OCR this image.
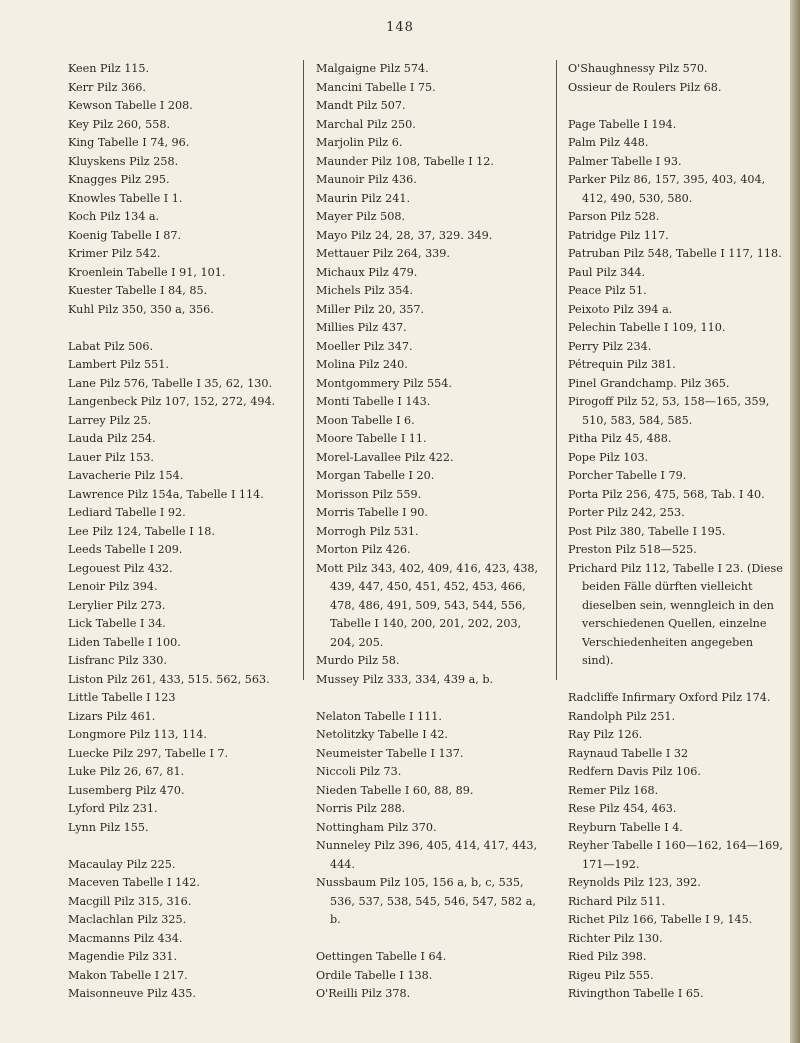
148
Keen Pilz 115.
Kerr Pilz 366.
Kewson Tabelle I 208.
Key Pilz 260, 558.
King Tabelle I 74, 96.
Kluyskens Pilz 258.
Knagges Pilz 295.
Knowles Tabelle I 1.
Koch Pilz 134 a.
Koenig Tabelle I 87.
Krimer Pilz 542.
Kroenlein Tabelle I 91, 101.
Kuester Tabelle I 84, 85.
Kuhl Pilz 350, 350 a, 356.
Labat Pilz 506.
Lambert Pilz 551.
Lane Pilz 576, Tabelle I 35, 62, 130.
Langenbeck Pilz 107, 152, 272, 494.
Larrey Pilz 25.
Lauda Pilz 254.
Lauer Pilz 153.
Lavacherie Pilz 154.
Lawrence Pilz 154a, Tabelle I 114.
Lediard Tabelle I 92.
Lee Pilz 124, Tabelle I 18.
Leeds Tabelle I 209.
Legouest Pilz 432.
Lenoir Pilz 394.
Lerylier Pilz 273.
Lick Tabelle I 34.
Liden Tabelle I 100.
Lisfranc Pilz 330.
Liston Pilz 261, 433, 515. 562, 563.
Little Tabelle I 123
Lizars Pilz 461.
Longmore Pilz 113, 114.
Luecke Pilz 297, Tabelle I 7.
Luke Pilz 26, 67, 81.
Lusemberg Pilz 470.
Lyford Pilz 231.
Lynn Pilz 155.
Macaulay Pilz 225.
Maceven Tabelle I 142.
Macgill Pilz 315, 316.
Maclachlan Pilz 325.
Macmanns Pilz 434.
Magendie Pilz 331.
Makon Tabelle I 217.
Maisonneuve Pilz 435.
Malgaigne Pilz 574.
Mancini Tabelle I 75.
Mandt Pilz 507.
Marchal Pilz 250.
Marjolin Pilz 6.
Maunder Pilz 108, Tabelle I 12.
Maunoir Pilz 436.
Maurin Pilz 241.
Mayer Pilz 508.
Mayo Pilz 24, 28, 37, 329. 349.
Mettauer Pilz 264, 339.
Michaux Pilz 479.
Michels Pilz 354.
Miller Pilz 20, 357.
Millies Pilz 437.
Moeller Pilz 347.
Molina Pilz 240.
Montgommery Pilz 554.
Monti Tabelle I 143.
Moon Tabelle I 6.
Moore Tabelle I 11.
Morel-Lavallee Pilz 422.
Morgan Tabelle I 20.
Morisson Pilz 559.
Morris Tabelle I 90.
Morrogh Pilz 531.
Morton Pilz 426.
Mott Pilz 343, 402, 409, 416, 423, 438, 439, 447, 450, 451, 452, 453, 466, 478, 486, 491, 509, 543, 544, 556, Tabelle I 140, 200, 201, 202, 203, 204, 205.
Murdo Pilz 58.
Mussey Pilz 333, 334, 439 a, b.
Nelaton Tabelle I 111.
Netolitzky Tabelle I 42.
Neumeister Tabelle I 137.
Niccoli Pilz 73.
Nieden Tabelle I 60, 88, 89.
Norris Pilz 288.
Nottingham Pilz 370.
Nunneley Pilz 396, 405, 414, 417, 443, 444.
Nussbaum Pilz 105, 156 a, b, c, 535, 536, 537, 538, 545, 546, 547, 582 a, b.
Oettingen Tabelle I 64.
Ordile Tabelle I 138.
O'Reilli Pilz 378.
O'Shaughnessy Pilz 570.
Ossieur de Roulers Pilz 68.
Page Tabelle I 194.
Palm Pilz 448.
Palmer Tabelle I 93.
Parker Pilz 86, 157, 395, 403, 404, 412, 490, 530, 580.
Parson Pilz 528.
Patridge Pilz 117.
Patruban Pilz 548, Tabelle I 117, 118.
Paul Pilz 344.
Peace Pilz 51.
Peixoto Pilz 394 a.
Pelechin Tabelle I 109, 110.
Perry Pilz 234.
Pétrequin Pilz 381.
Pinel Grandchamp. Pilz 365.
Pirogoff Pilz 52, 53, 158—165, 359, 510, 583, 584, 585.
Pitha Pilz 45, 488.
Pope Pilz 103.
Porcher Tabelle I 79.
Porta Pilz 256, 475, 568, Tab. I 40.
Porter Pilz 242, 253.
Post Pilz 380, Tabelle I 195.
Preston Pilz 518—525.
Prichard Pilz 112, Tabelle I 23. (Diese beiden Fälle dürften vielleicht dieselben sein, wenngleich in den verschiedenen Quellen, einzelne Verschiedenheiten angegeben sind).
Radcliffe Infirmary Oxford Pilz 174.
Randolph Pilz 251.
Ray Pilz 126.
Raynaud Tabelle I 32
Redfern Davis Pilz 106.
Remer Pilz 168.
Rese Pilz 454, 463.
Reyburn Tabelle I 4.
Reyher Tabelle I 160—162, 164—169, 171—192.
Reynolds Pilz 123, 392.
Richard Pilz 511.
Richet Pilz 166, Tabelle I 9, 145.
Richter Pilz 130.
Ried Pilz 398.
Rigeu Pilz 555.
Rivingthon Tabelle I 65.
